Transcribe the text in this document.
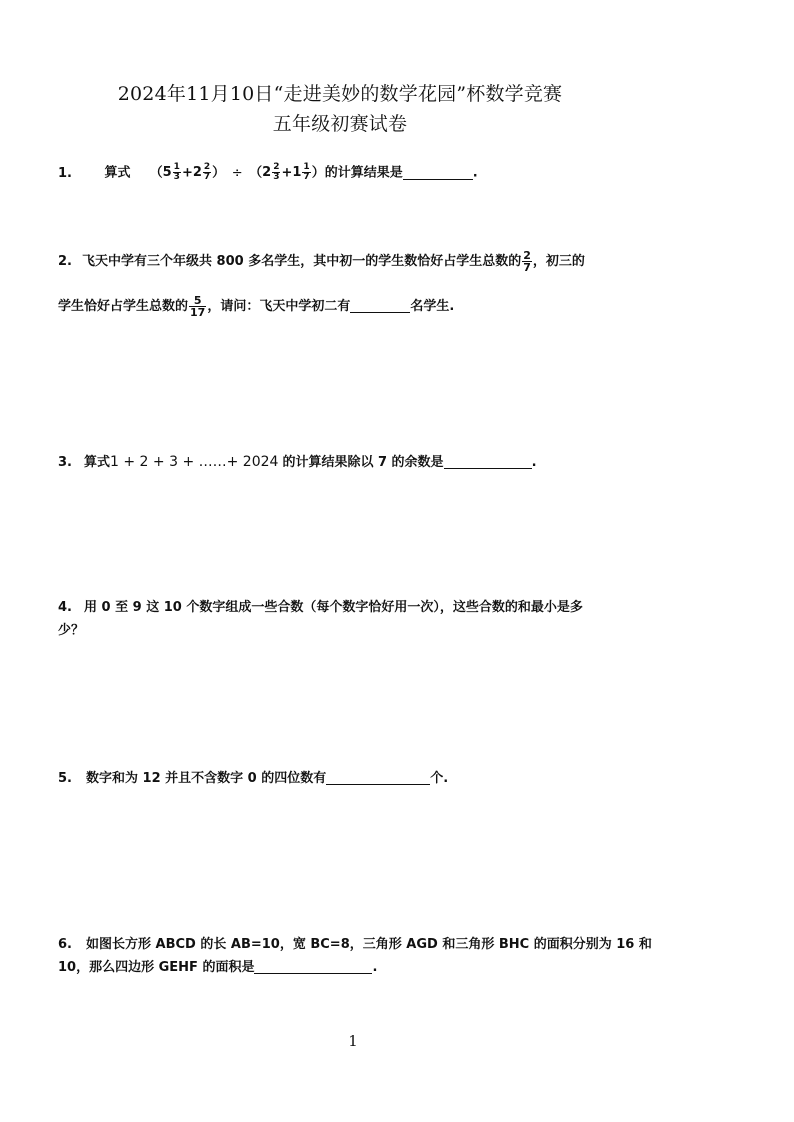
2024年11月10日“走进美妙的数学花园”杯数学竞赛
五年级初赛试卷
1.	算式 （$5 \frac{1}{3} +2 \frac{2}{7}$ ） ÷ （$2 \frac{2}{3} +1 \frac{1}{7}$ ）的计算结果是	.
2. 飞天中学有三个年级共 800 多名学生，其中初一的学生数恰好占学生总数的 $\frac{2}{7}$ ，初三的
学生恰好占学生总数的 $\frac{5}{17}$ ，请问：飞天中学初二有	名学生.
3. 算式1 + 2 + 3 + ……+ 2024 的计算结果除以 7 的余数是	.
4. 用 0 至 9 这 10 个数字组成一些合数（每个数字恰好用一次），这些合数的和最小是多
少？
5. 数字和为 12 并且不含数字 0 的四位数有	个.
6. 如图长方形 ABCD 的长 AB=10，宽 BC=8，三角形 AGD 和三角形 BHC 的面积分别为 16 和
10，那么四边形 GEHF 的面积是	.
1
